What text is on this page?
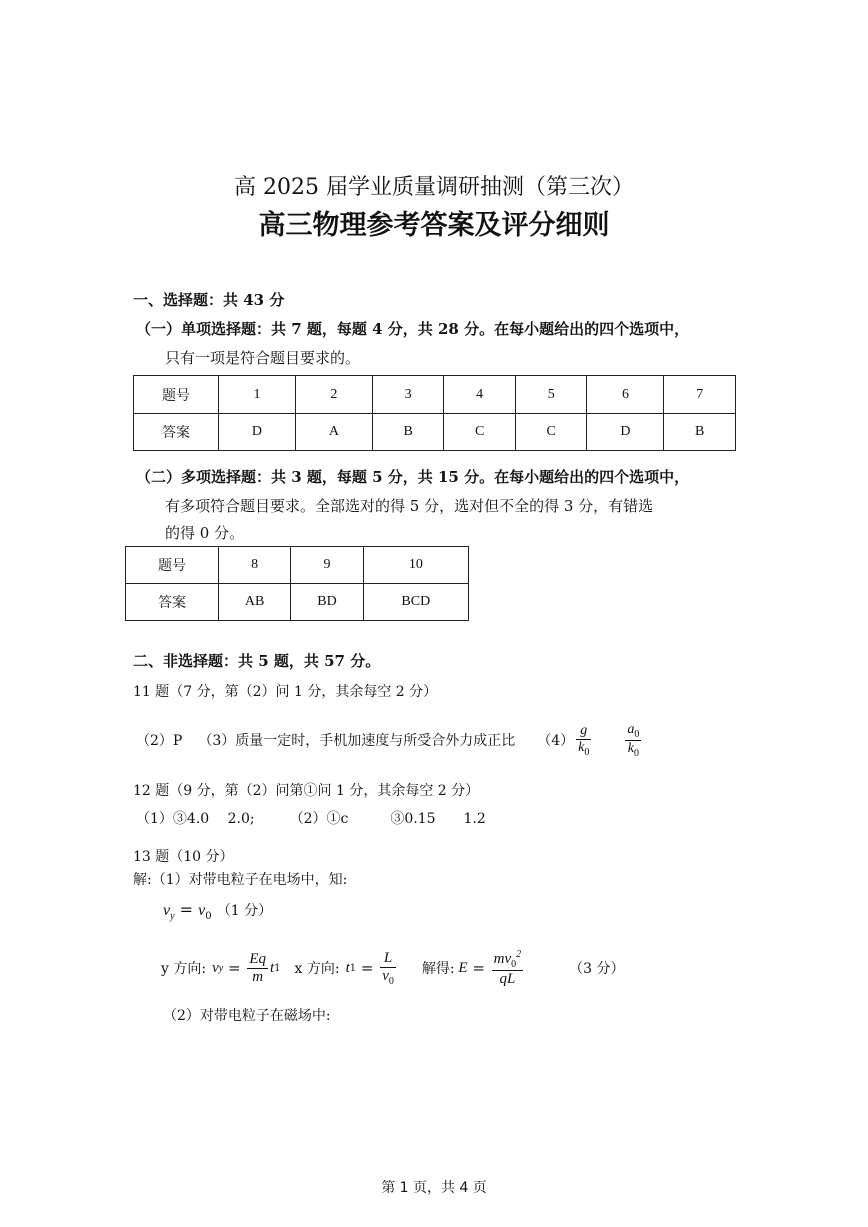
高 2025 届学业质量调研抽测（第三次）
高三物理参考答案及评分细则
一、选择题：共 43 分
（一）单项选择题：共 7 题，每题 4 分，共 28 分。在每小题给出的四个选项中，
只有一项是符合题目要求的。
题号	1	2	3	4	5	6	7
答案	D	A	B	C	C	D	B
（二）多项选择题：共 3 题，每题 5 分，共 15 分。在每小题给出的四个选项中，
有多项符合题目要求。全部选对的得 5 分，选对但不全的得 3 分，有错选
的得 0 分。
题号	8	9	10
答案	AB	BD	BCD
二、非选择题：共 5 题，共 57 分。
11 题（7 分，第（2）问 1 分，其余每空 2 分）
（2）P （3）质量一定时，手机加速度与所受合外力成正比 $(4) \frac{g}{k_0} \frac{a_0}{k_0}$
12 题（9 分，第（2）问第①问 1 分，其余每空 2 分）
（1）③4.0　 2.0;　　　（2）①c　　　③0.15　　1.2
13 题（10 分）
解:（1）对带电粒子在电场中，知:
$v_y = v_0$ （1 分）
y 方向: v $y = \frac{Eq}{m}$ t 1 x 方向: t $1 = \frac{L}{v_0}$ 解得: $E = \frac{mv_0^2}{qL}$	（3 分）
（2）对带电粒子在磁场中:
第 1 页，共 4 页
